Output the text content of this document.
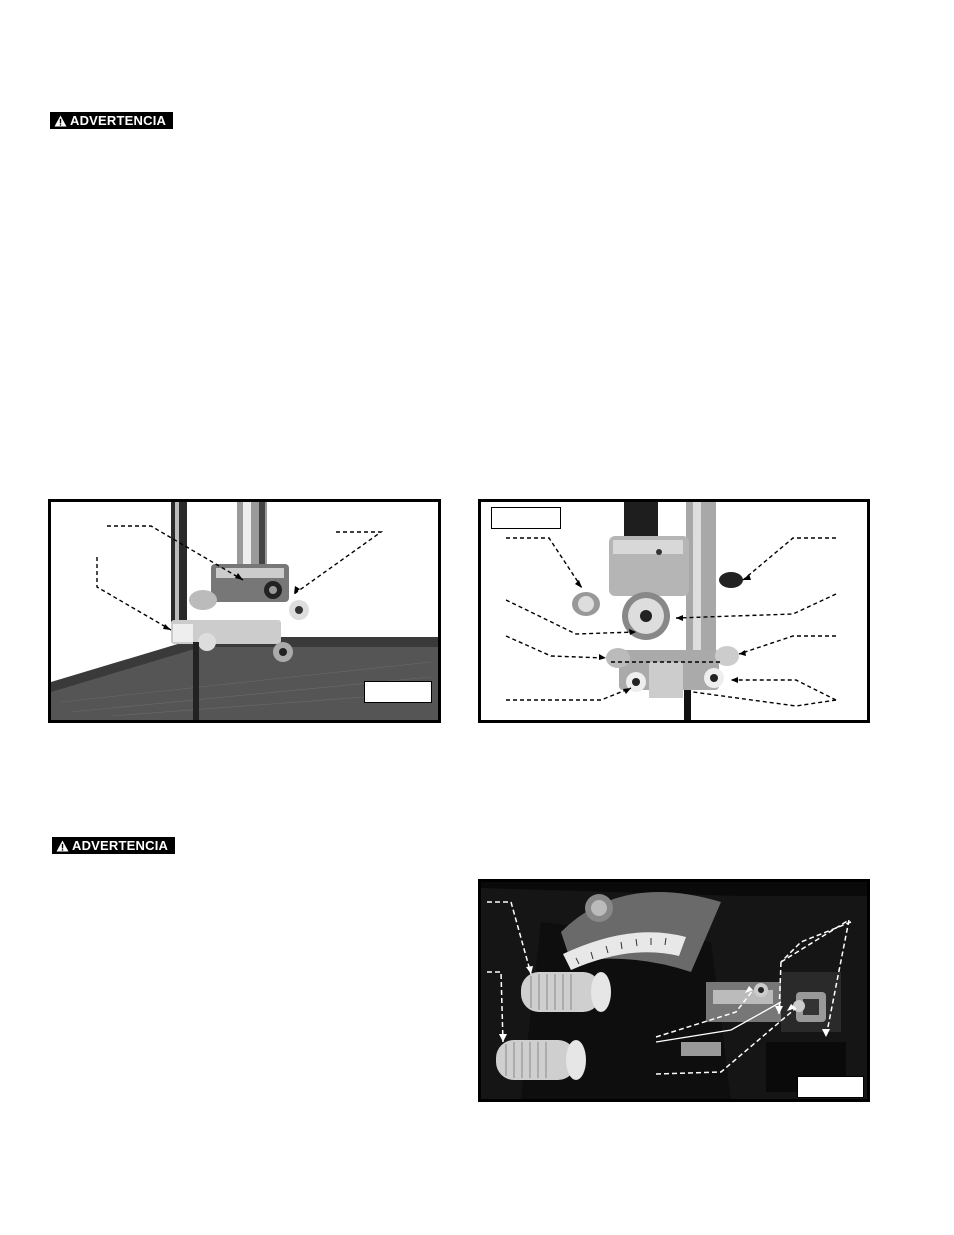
ADVERTENCIA
ADVERTENCIA
